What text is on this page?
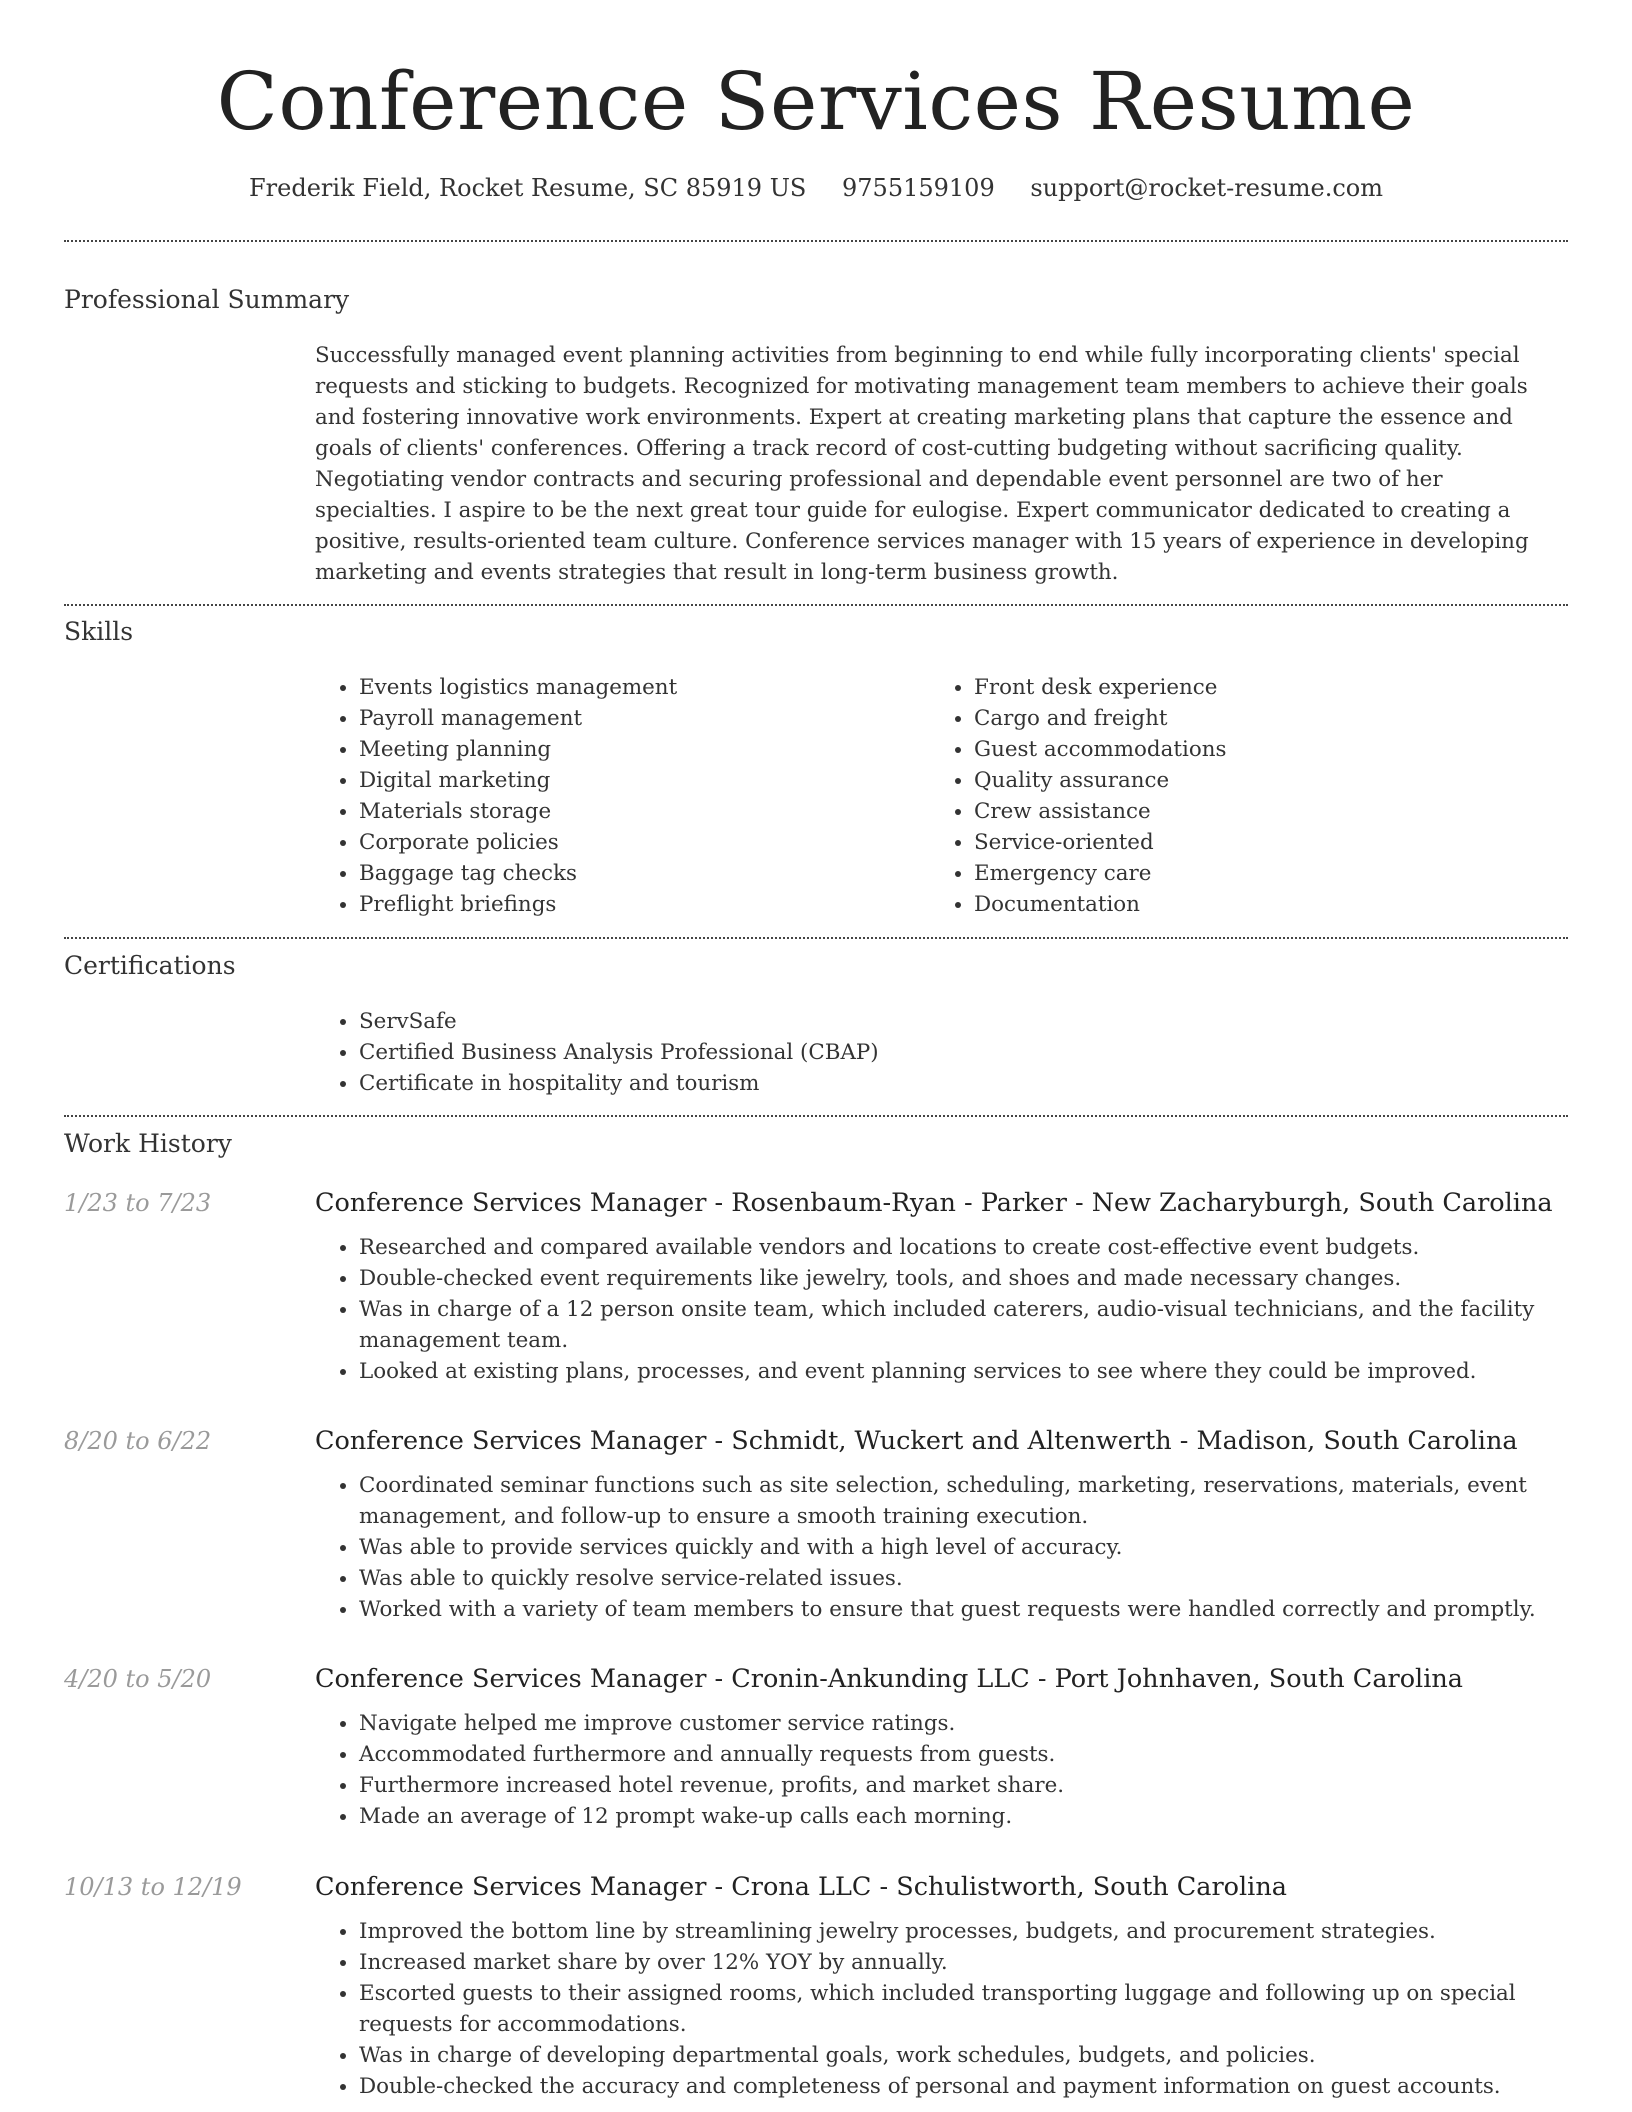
Conference Services Resume
Frederik Field, Rocket Resume, SC 85919 US 9755159109 support@rocket-resume.com
Professional Summary

Successfully managed event planning activities from beginning to end while fully incorporating clients' special requests and sticking to budgets. Recognized for motivating management team members to achieve their goals and fostering innovative work environments. Expert at creating marketing plans that capture the essence and goals of clients' conferences. Offering a track record of cost-cutting budgeting without sacrificing quality. Negotiating vendor contracts and securing professional and dependable event personnel are two of her specialties. I aspire to be the next great tour guide for eulogise. Expert communicator dedicated to creating a positive, results-oriented team culture. Conference services manager with 15 years of experience in developing marketing and events strategies that result in long-term business growth.

Skills
• Events logistics management
• Payroll management
• Meeting planning
• Digital marketing
• Materials storage
• Corporate policies
• Baggage tag checks
• Preflight briefings
• Front desk experience
• Cargo and freight
• Guest accommodations
• Quality assurance
• Crew assistance
• Service-oriented
• Emergency care
• Documentation
Certifications
• ServSafe
• Certified Business Analysis Professional (CBAP)
• Certificate in hospitality and tourism
Work History
1/23 to 7/23	Conference Services Manager - Rosenbaum-Ryan - Parker - New Zacharyburgh, South Carolina
• Researched and compared available vendors and locations to create cost-effective event budgets.
• Double-checked event requirements like jewelry, tools, and shoes and made necessary changes.
• Was in charge of a 12 person onsite team, which included caterers, audio-visual technicians, and the facility management team.
• Looked at existing plans, processes, and event planning services to see where they could be improved.
8/20 to 6/22	Conference Services Manager - Schmidt, Wuckert and Altenwerth - Madison, South Carolina
• Coordinated seminar functions such as site selection, scheduling, marketing, reservations, materials, event management, and follow-up to ensure a smooth training execution.
• Was able to provide services quickly and with a high level of accuracy.
• Was able to quickly resolve service-related issues.
• Worked with a variety of team members to ensure that guest requests were handled correctly and promptly.
4/20 to 5/20	Conference Services Manager - Cronin-Ankunding LLC - Port Johnhaven, South Carolina
• Navigate helped me improve customer service ratings.
• Accommodated furthermore and annually requests from guests.
• Furthermore increased hotel revenue, profits, and market share.
• Made an average of 12 prompt wake-up calls each morning.
10/13 to 12/19	Conference Services Manager - Crona LLC - Schulistworth, South Carolina
• Improved the bottom line by streamlining jewelry processes, budgets, and procurement strategies.
• Increased market share by over 12% YOY by annually.
• Escorted guests to their assigned rooms, which included transporting luggage and following up on special requests for accommodations.
• Was in charge of developing departmental goals, work schedules, budgets, and policies.
• Double-checked the accuracy and completeness of personal and payment information on guest accounts.
